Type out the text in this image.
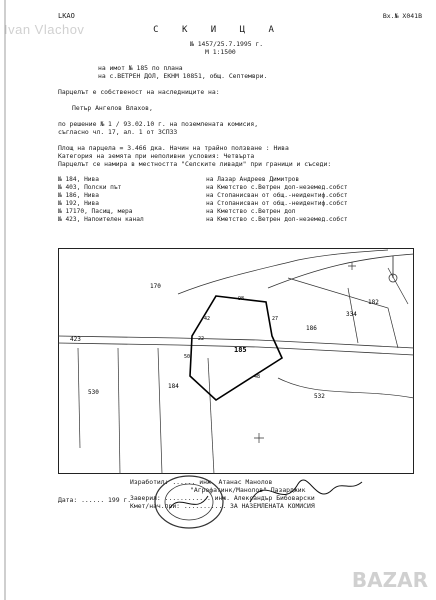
Ivan Vlachov
LKAO	Bx.№ X041B
С К И Ц А
№ 1457/25.7.1995 г.
M 1:1500
на имот № 185 по плана
на с.ВЕТРЕН ДОЛ, ЕКНМ 10851, общ. Септември.
Парцелът е собственост на наследниците на:
Петър Ангелов Влахов,
по решение № 1 / 93.02.10 г. на поземлената комисия,
съгласно чл. 17, ал. 1 от ЗСПЗЗ
Площ на парцела = 3.466 дка. Начин на трайно ползване : Нива
Категория на земята при неполивни условия: Четвърта
Парцелът се намира в местността "Селските ливади" при граници и съседи:
№ 184, Нива	на Лазар Андреев Димитров
№ 403, Полски път	на Кметство с.Ветрен дол-неземед.собст
№ 186, Нива	на Стопанисван от общ.-неидентиф.собст
№ 192, Нива	на Стопанисван от общ.-неидентиф.собст
№ 17170, Пасищ, мера	на Кметство с.Ветрен дол
№ 423, Напоителен канал	на Кметство с.Ветрен дол-неземед.собст
170
182
334
186
185
184
530
532
423
98
27
42
50
22
48
Изработил: ...... инж. Атанас Манолов
"Агрофатинк/Манолов" Пазарджик
Дата: ...... 199 г.
Заверил: ............ инж. Александър Бибоварски
Кмет/нач.при: ........... ЗА НАЗЕМЛЕНАТА КОМИСИЯ
BAZAR
